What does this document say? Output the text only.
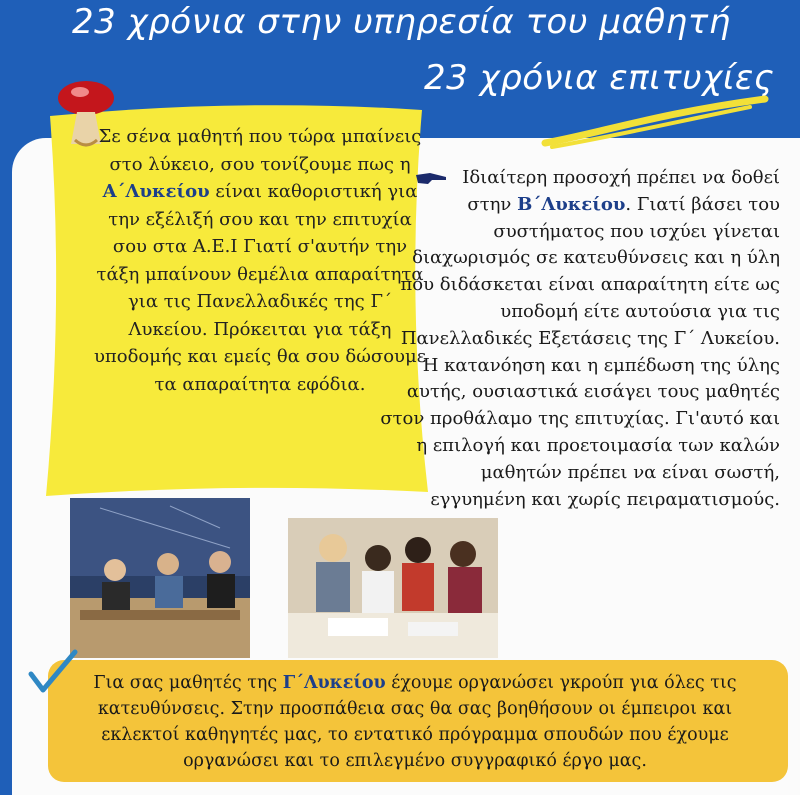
23 χρόνια στην υπηρεσία του μαθητή
23 χρόνια επιτυχίες
Σε σένα μαθητή που τώρα μπαίνεις στο λύκειο, σου τονίζουμε πως η Α΄Λυκείου είναι καθοριστική για την εξέλιξή σου και την επιτυχία σου στα Α.Ε.Ι Γιατί σ'αυτήν την τάξη μπαίνουν θεμέλια απαραίτητα για τις Πανελλαδικές της Γ΄ Λυκείου. Πρόκειται για τάξη υποδομής και εμείς θα σου δώσουμε τα απαραίτητα εφόδια.
Ιδιαίτερη προσοχή πρέπει να δοθεί στην Β΄Λυκείου. Γιατί βάσει του συστήματος που ισχύει γίνεται διαχωρισμός σε κατευθύνσεις και η ύλη που διδάσκεται είναι απαραίτητη είτε ως υποδομή είτε αυτούσια για τις Πανελλαδικές Εξετάσεις της Γ΄ Λυκείου. Η κατανόηση και η εμπέδωση της ύλης αυτής, ουσιαστικά εισάγει τους μαθητές στον προθάλαμο της επιτυχίας. Γι'αυτό και η επιλογή και προετοιμασία των καλών μαθητών πρέπει να είναι σωστή, εγγυημένη και χωρίς πειραματισμούς.
Για σας μαθητές της Γ΄Λυκείου έχουμε οργανώσει γκρούπ για όλες τις κατευθύνσεις. Στην προσπάθεια σας θα σας βοηθήσουν οι έμπειροι και εκλεκτοί καθηγητές μας, το εντατικό πρόγραμμα σπουδών που έχουμε οργανώσει και το επιλεγμένο συγγραφικό έργο μας.
